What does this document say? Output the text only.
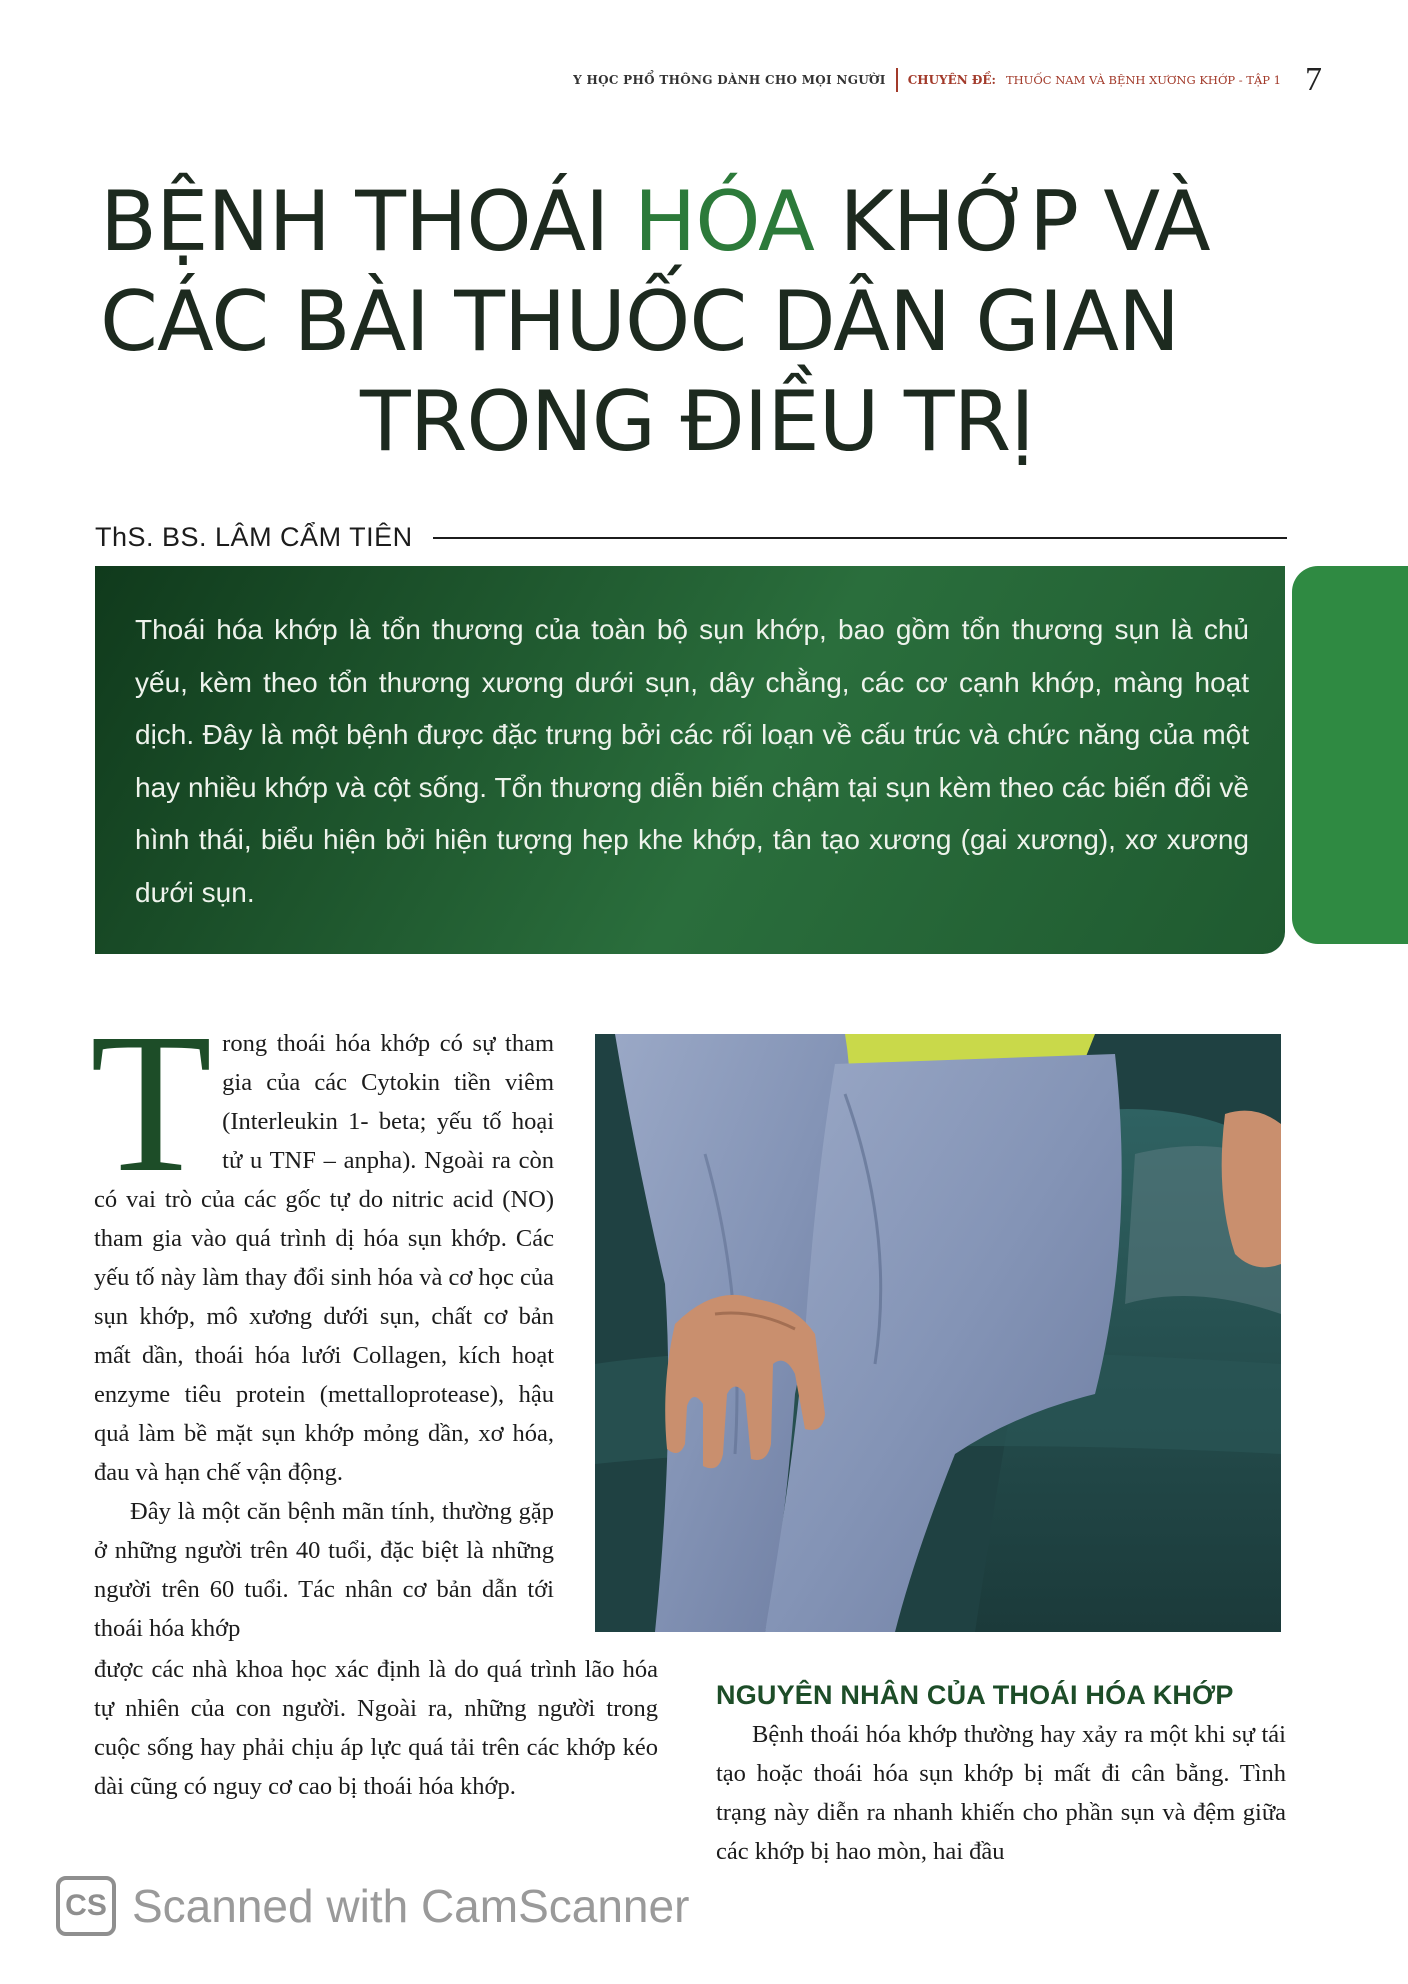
Y HỌC PHỔ THÔNG DÀNH CHO MỌI NGƯỜI CHUYÊN ĐỀ: THUỐC NAM VÀ BỆNH XƯƠNG KHỚP - TẬP 1 7
BỆNH THOÁI HÓA KHỚP VÀ
CÁC BÀI THUỐC DÂN GIAN
TRONG ĐIỀU TRỊ
ThS. BS. LÂM CẨM TIÊN

Thoái hóa khớp là tổn thương của toàn bộ sụn khớp, bao gồm tổn thương sụn là chủ yếu, kèm theo tổn thương xương dưới sụn, dây chằng, các cơ cạnh khớp, màng hoạt dịch. Đây là một bệnh được đặc trưng bởi các rối loạn về cấu trúc và chức năng của một hay nhiều khớp và cột sống. Tổn thương diễn biến chậm tại sụn kèm theo các biến đổi về hình thái, biểu hiện bởi hiện tượng hẹp khe khớp, tân tạo xương (gai xương), xơ xương dưới sụn.

T rong thoái hóa khớp có sự tham gia của các Cytokin tiền viêm (Interleukin 1- beta; yếu tố hoại tử u TNF – anpha). Ngoài ra còn có vai trò của các gốc tự do nitric acid (NO) tham gia vào quá trình dị hóa sụn khớp. Các yếu tố này làm thay đổi sinh hóa và cơ học của sụn khớp, mô xương dưới sụn, chất cơ bản mất dần, thoái hóa lưới Collagen, kích hoạt enzyme tiêu protein (mettalloprotease), hậu quả làm bề mặt sụn khớp mỏng dần, xơ hóa, đau và hạn chế vận động.

Đây là một căn bệnh mãn tính, thường gặp ở những người trên 40 tuổi, đặc biệt là những người trên 60 tuổi. Tác nhân cơ bản dẫn tới thoái hóa khớp

được các nhà khoa học xác định là do quá trình lão hóa tự nhiên của con người. Ngoài ra, những người trong cuộc sống hay phải chịu áp lực quá tải trên các khớp kéo dài cũng có nguy cơ cao bị thoái hóa khớp.

NGUYÊN NHÂN CỦA THOÁI HÓA KHỚP

Bệnh thoái hóa khớp thường hay xảy ra một khi sự tái tạo hoặc thoái hóa sụn khớp bị mất đi cân bằng. Tình trạng này diễn ra nhanh khiến cho phần sụn và đệm giữa các khớp bị hao mòn, hai đầu

CS Scanned with CamScanner
